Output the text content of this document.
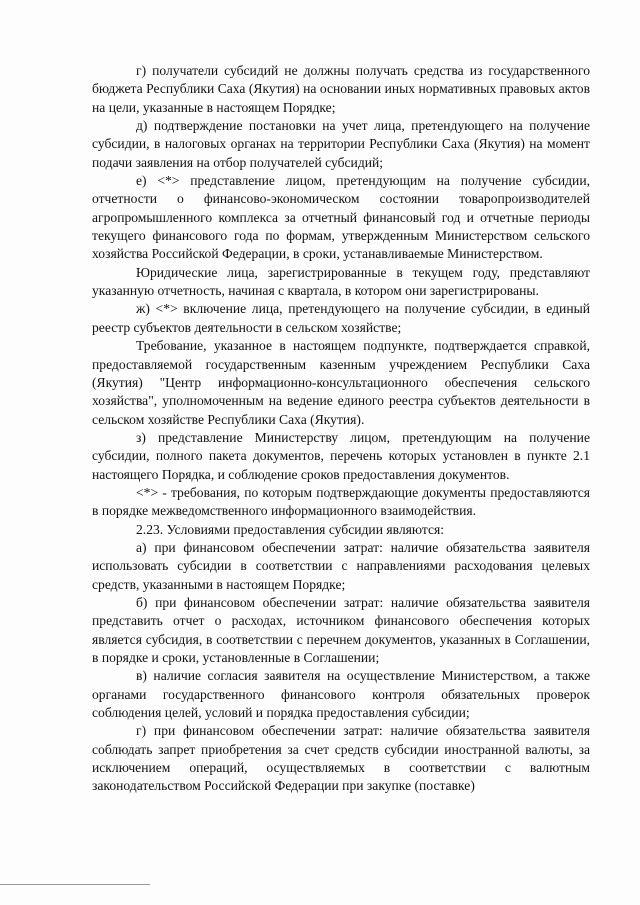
г) получатели субсидий не должны получать средства из государственного бюджета Республики Саха (Якутия) на основании иных нормативных правовых актов на цели, указанные в настоящем Порядке;

д) подтверждение постановки на учет лица, претендующего на получение субсидии, в налоговых органах на территории Республики Саха (Якутия) на момент подачи заявления на отбор получателей субсидий;

е) <*> представление лицом, претендующим на получение субсидии, отчетности о финансово-экономическом состоянии товаропроизводителей агропромышленного комплекса за отчетный финансовый год и отчетные периоды текущего финансового года по формам, утвержденным Министерством сельского хозяйства Российской Федерации, в сроки, устанавливаемые Министерством.

Юридические лица, зарегистрированные в текущем году, представляют указанную отчетность, начиная с квартала, в котором они зарегистрированы.

ж) <*> включение лица, претендующего на получение субсидии, в единый реестр субъектов деятельности в сельском хозяйстве;

Требование, указанное в настоящем подпункте, подтверждается справкой, предоставляемой государственным казенным учреждением Республики Саха (Якутия) "Центр информационно-консультационного обеспечения сельского хозяйства", уполномоченным на ведение единого реестра субъектов деятельности в сельском хозяйстве Республики Саха (Якутия).

з) представление Министерству лицом, претендующим на получение субсидии, полного пакета документов, перечень которых установлен в пункте 2.1 настоящего Порядка, и соблюдение сроков предоставления документов.

<*> - требования, по которым подтверждающие документы предоставляются в порядке межведомственного информационного взаимодействия.

2.23. Условиями предоставления субсидии являются:

а) при финансовом обеспечении затрат: наличие обязательства заявителя использовать субсидии в соответствии с направлениями расходования целевых средств, указанными в настоящем Порядке;

б) при финансовом обеспечении затрат: наличие обязательства заявителя представить отчет о расходах, источником финансового обеспечения которых является субсидия, в соответствии с перечнем документов, указанных в Соглашении, в порядке и сроки, установленные в Соглашении;

в) наличие согласия заявителя на осуществление Министерством, а также органами государственного финансового контроля обязательных проверок соблюдения целей, условий и порядка предоставления субсидии;

г) при финансовом обеспечении затрат: наличие обязательства заявителя соблюдать запрет приобретения за счет средств субсидии иностранной валюты, за исключением операций, осуществляемых в соответствии с валютным законодательством Российской Федерации при закупке (поставке)
